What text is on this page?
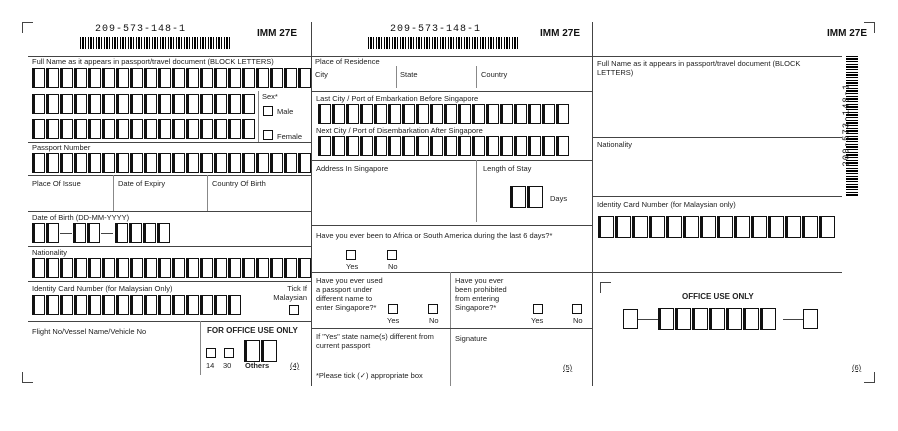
209-573-148-1	IMM 27E	209-573-148-1	IMM 27E	IMM 27E
209-573-148-1
Full Name as it appears in passport/travel document (BLOCK LETTERS)
Sex*
Male
Female
Passport Number
Place Of Issue	Date of Expiry	Country Of Birth
Date of Birth (DD-MM-YYYY)
Nationality
Identity Card Number (for Malaysian Only)	Tick If Malaysian
Flight No/Vessel Name/Vehicle No	FOR OFFICE USE ONLY
14 30 Others	(4)
Place of Residence
City	State	Country
Last City / Port of Embarkation Before Singapore
Next City / Port of Disembarkation After Singapore
Address In Singapore	Length of Stay
Days
Have you ever been to Africa or South America during the last 6 days?*
Yes	No
Have you ever used a passport under different name to enter Singapore?*
Yes	No
Have you ever been prohibited from entering Singapore?*
Yes	No
If "Yes" state name(s) different from current passport
Signature
*Please tick (✓) appropriate box
(5)
Full Name as it appears in passport/travel document (BLOCK LETTERS)
Nationality
Identity Card Number (for Malaysian only)
OFFICE USE ONLY
(6)
